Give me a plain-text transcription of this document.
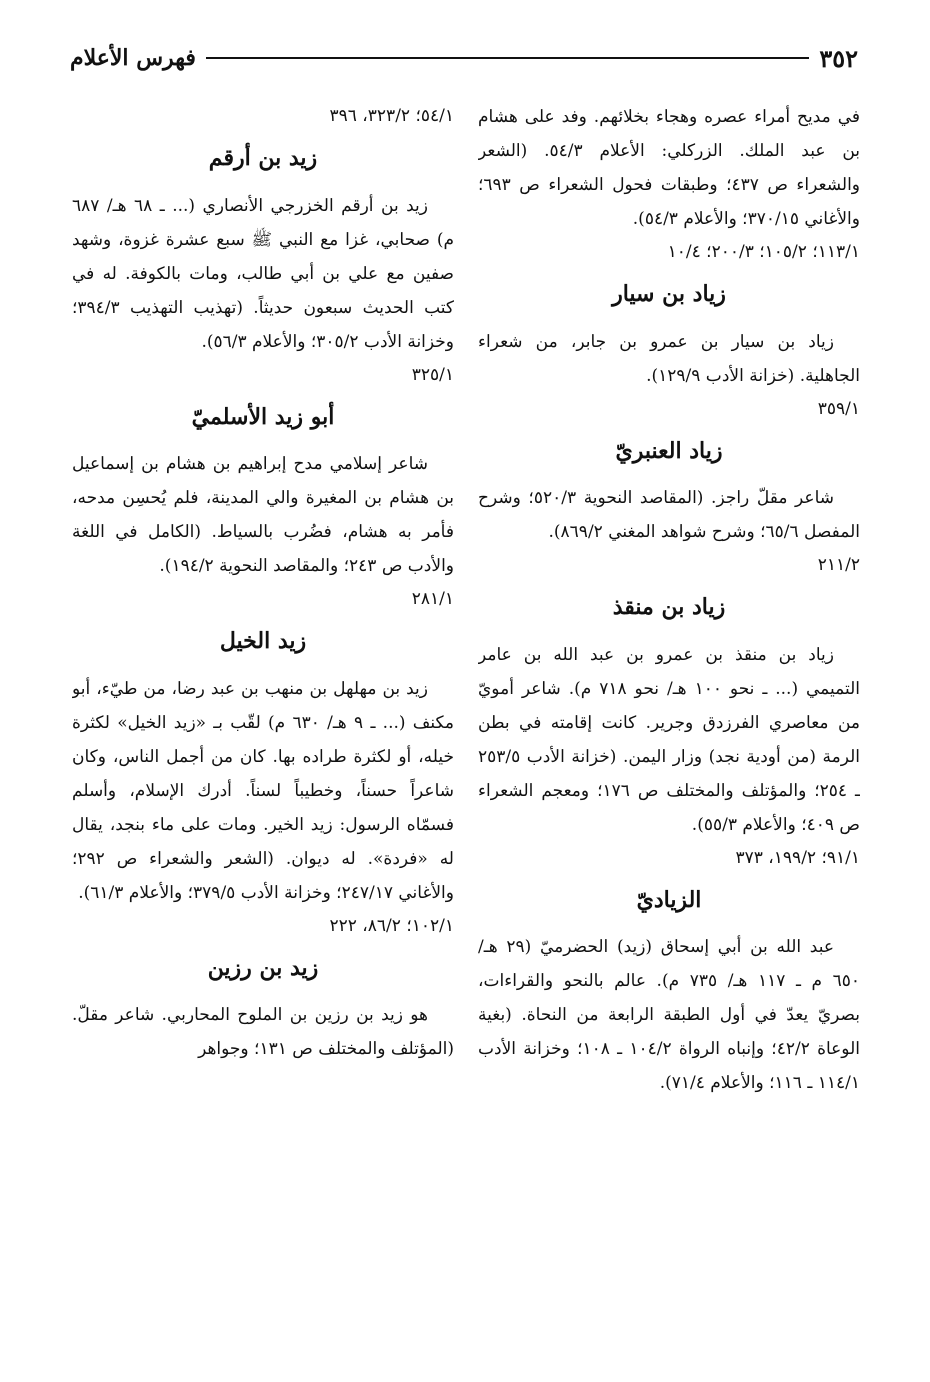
٣٥٢
فهرس الأعلام

في مديح أمراء عصره وهجاء بخلائهم. وفد على هشام بن عبد الملك. الزركلي: الأعلام ٥٤/٣. (الشعر والشعراء ص ٤٣٧؛ وطبقات فحول الشعراء ص ٦٩٣؛ والأغاني ٣٧٠/١٥؛ والأعلام ٥٤/٣).

١١٣/١؛ ١٠٥/٢؛ ٢٠٠/٣؛ ١٠/٤

زياد بن سيار

زياد بن سيار بن عمرو بن جابر، من شعراء الجاهلية. (خزانة الأدب ١٢٩/٩).

٣٥٩/١

زياد العنبريّ

شاعر مقلّ راجز. (المقاصد النحوية ٥٢٠/٣؛ وشرح المفصل ٦٥/٦؛ وشرح شواهد المغني ٨٦٩/٢).

٢١١/٢

زياد بن منقذ

زياد بن منقذ بن عمرو بن عبد الله بن عامر التميمي (... ـ نحو ١٠٠ هـ/ نحو ٧١٨ م). شاعر أمويّ من معاصري الفرزدق وجرير. كانت إقامته في بطن الرمة (من أودية نجد) وزار اليمن. (خزانة الأدب ٢٥٣/٥ ـ ٢٥٤؛ والمؤتلف والمختلف ص ١٧٦؛ ومعجم الشعراء ص ٤٠٩؛ والأعلام ٥٥/٣).

٩١/١؛ ١٩٩/٢، ٣٧٣

الزياديّ

عبد الله بن أبي إسحاق (زيد) الحضرميّ (٢٩ هـ/ ٦٥٠ م ـ ١١٧ هـ/ ٧٣٥ م). عالم بالنحو والقراءات، بصريّ يعدّ في أول الطبقة الرابعة من النحاة. (بغية الوعاة ٤٢/٢؛ وإنباه الرواة ١٠٤/٢ ـ ١٠٨؛ وخزانة الأدب ١١٤/١ ـ ١١٦؛ والأعلام ٧١/٤).

٥٤/١؛ ٣٢٣/٢، ٣٩٦

زيد بن أرقم

زيد بن أرقم الخزرجي الأنصاري (... ـ ٦٨ هـ/ ٦٨٧ م) صحابي، غزا مع النبي ﷺ سبع عشرة غزوة، وشهد صفين مع علي بن أبي طالب، ومات بالكوفة. له في كتب الحديث سبعون حديثاً. (تهذيب التهذيب ٣٩٤/٣؛ وخزانة الأدب ٣٠٥/٢؛ والأعلام ٥٦/٣).

٣٢٥/١

أبو زيد الأسلميّ

شاعر إسلامي مدح إبراهيم بن هشام بن إسماعيل بن هشام بن المغيرة والي المدينة، فلم يُحسِن مدحه، فأمر به هشام، فضُرب بالسياط. (الكامل في اللغة والأدب ص ٢٤٣؛ والمقاصد النحوية ١٩٤/٢).

٢٨١/١

زيد الخيل

زيد بن مهلهل بن منهب بن عبد رضا، من طيّء، أبو مكنف (... ـ ٩ هـ/ ٦٣٠ م) لقّب بـ «زيد الخيل» لكثرة خيله، أو لكثرة طراده بها. كان من أجمل الناس، وكان شاعراً حسناً، وخطيباً لسناً. أدرك الإسلام، وأسلم فسمّاه الرسول: زيد الخير. ومات على ماء بنجد، يقال له «فردة». له ديوان. (الشعر والشعراء ص ٢٩٢؛ والأغاني ٢٤٧/١٧؛ وخزانة الأدب ٣٧٩/٥؛ والأعلام ٦١/٣).

١٠٢/١؛ ٨٦/٢، ٢٢٢

زيد بن رزين

هو زيد بن رزين بن الملوح المحاربي. شاعر مقلّ. (المؤتلف والمختلف ص ١٣١؛ وجواهر
